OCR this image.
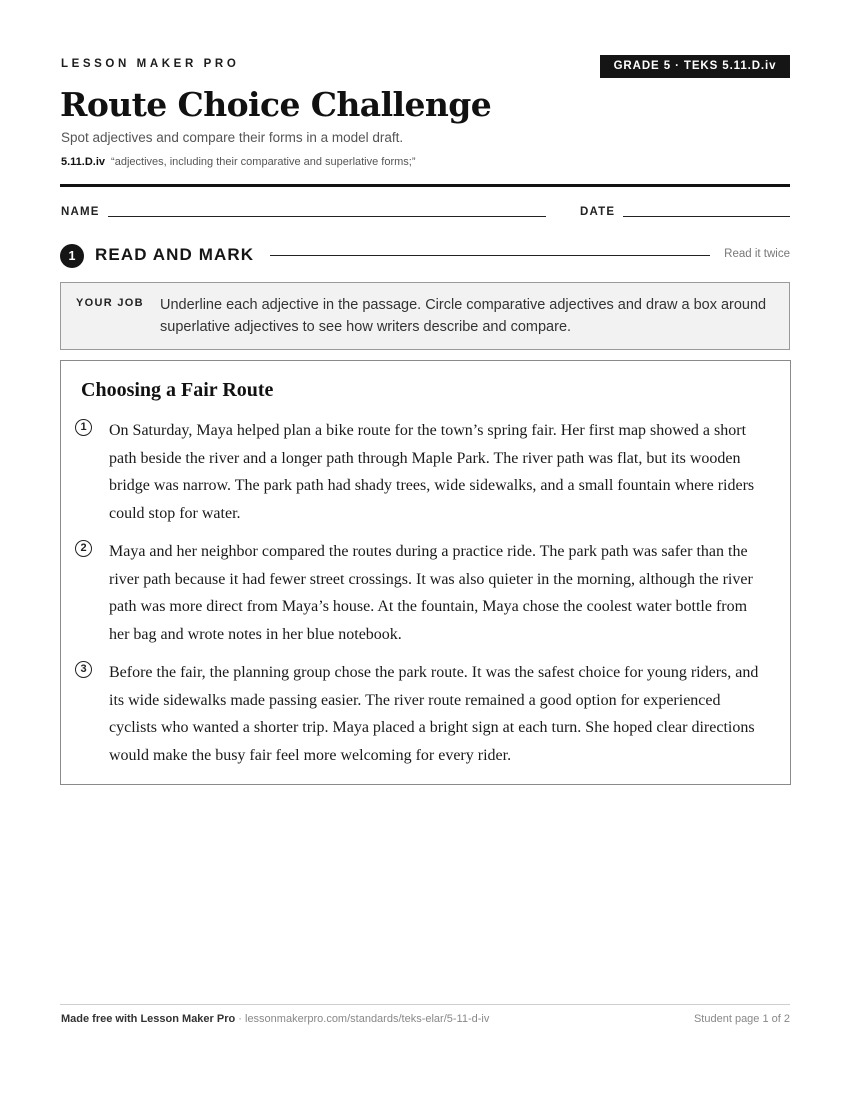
LESSON MAKER PRO	GRADE 5 · TEKS 5.11.D.iv
Route Choice Challenge
Spot adjectives and compare their forms in a model draft.
5.11.D.iv “adjectives, including their comparative and superlative forms;”
NAME	DATE
1	READ AND MARK	Read it twice
YOUR JOB Underline each adjective in the passage. Circle comparative adjectives and draw a box around superlative adjectives to see how writers describe and compare.
Choosing a Fair Route
1	On Saturday, Maya helped plan a bike route for the town’s spring fair. Her first map showed a short path beside the river and a longer path through Maple Park. The river path was flat, but its wooden bridge was narrow. The park path had shady trees, wide sidewalks, and a small fountain where riders could stop for water.

2	Maya and her neighbor compared the routes during a practice ride. The park path was safer than the river path because it had fewer street crossings. It was also quieter in the morning, although the river path was more direct from Maya’s house. At the fountain, Maya chose the coolest water bottle from her bag and wrote notes in her blue notebook.

3	Before the fair, the planning group chose the park route. It was the safest choice for young riders, and its wide sidewalks made passing easier. The river route remained a good option for experienced cyclists who wanted a shorter trip. Maya placed a bright sign at each turn. She hoped clear directions would make the busy fair feel more welcoming for every rider.

Made free with Lesson Maker Pro · lessonmakerpro.com/standards/teks-elar/5-11-d-iv	Student page 1 of 2
